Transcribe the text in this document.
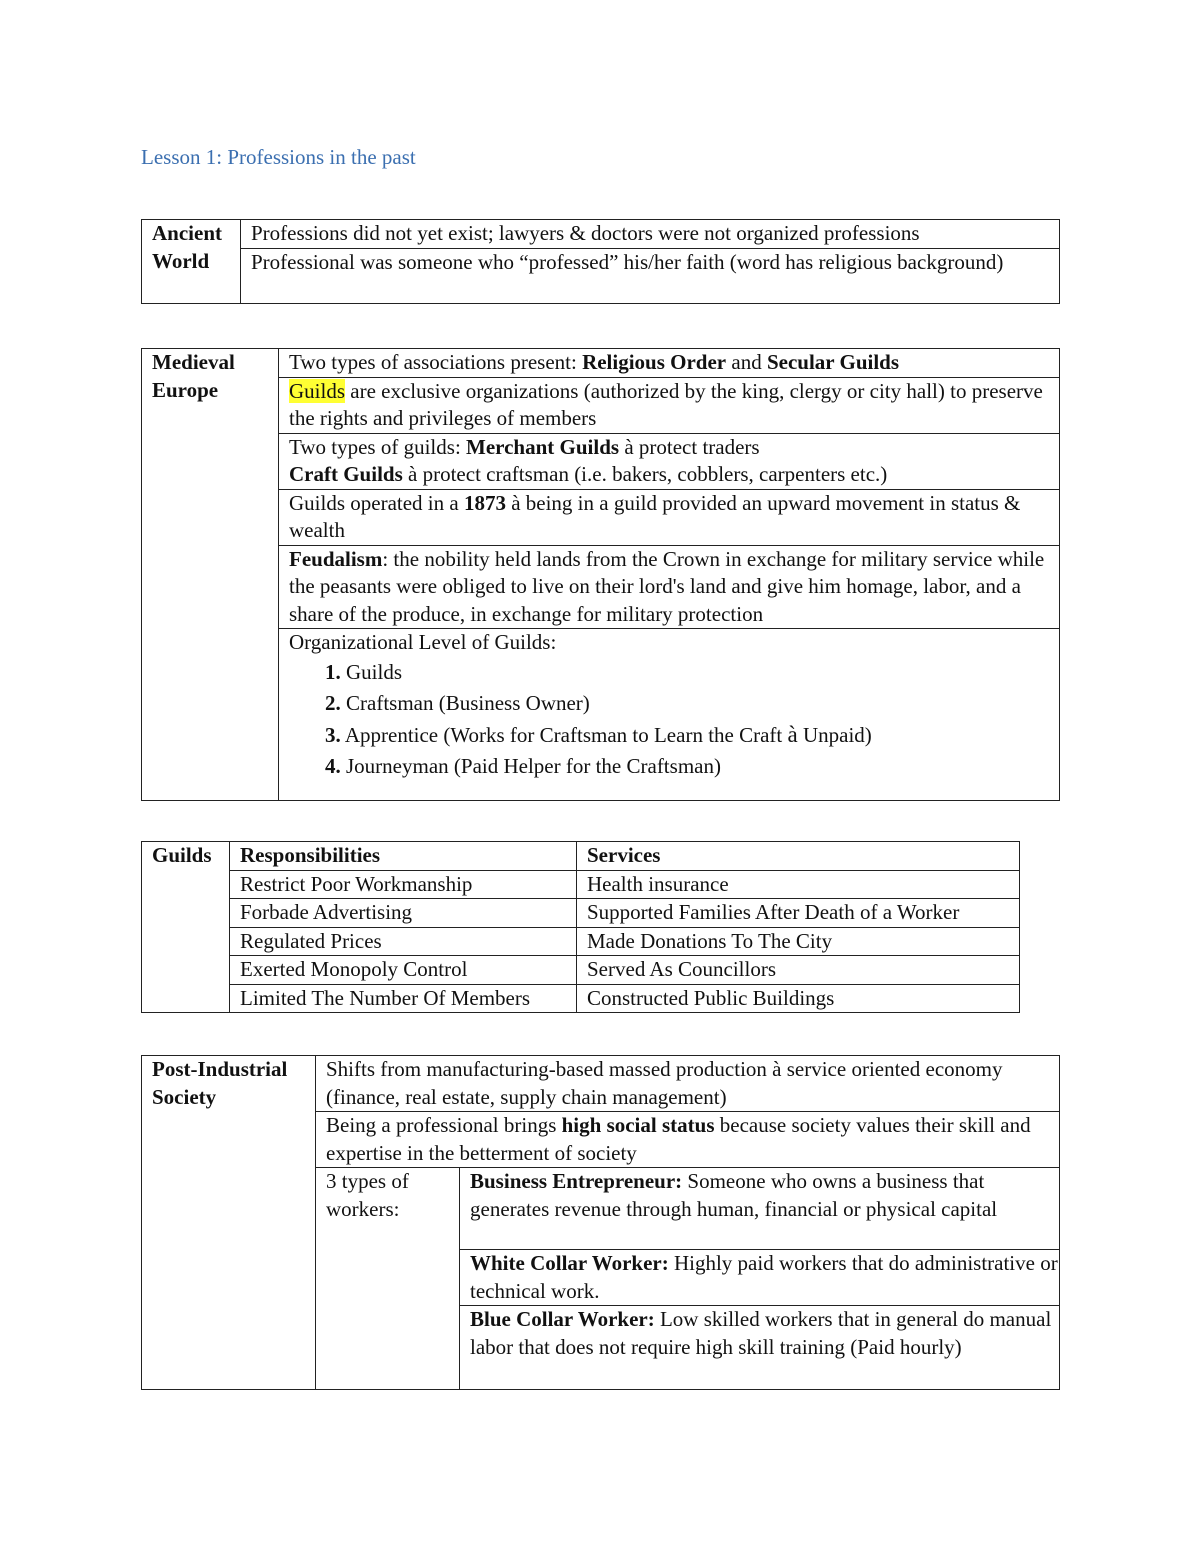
Lesson 1: Professions in the past
Ancient World	Professions did not yet exist; lawyers & doctors were not organized professions
Professional was someone who “professed” his/her faith (word has religious background)
Medieval Europe	Two types of associations present: Religious Order and Secular Guilds
Guilds are exclusive organizations (authorized by the king, clergy or city hall) to preserve the rights and privileges of members
Two types of guilds: Merchant Guilds à protect traders
Craft Guilds à protect craftsman (i.e. bakers, cobblers, carpenters etc.)
Guilds operated in a 1873 à being in a guild provided an upward movement in status & wealth
Feudalism: the nobility held lands from the Crown in exchange for military service while the peasants were obliged to live on their lord's land and give him homage, labor, and a share of the produce, in exchange for military protection

Organizational Level of Guilds:
1. Guilds
2. Craftsman (Business Owner)
3. Apprentice (Works for Craftsman to Learn the Craft à Unpaid)
4. Journeyman (Paid Helper for the Craftsman)
Guilds	Responsibilities	Services
	Restrict Poor Workmanship	Health insurance
	Forbade Advertising	Supported Families After Death of a Worker
	Regulated Prices	Made Donations To The City
	Exerted Monopoly Control	Served As Councillors
	Limited The Number Of Members	Constructed Public Buildings
Post-Industrial Society	Shifts from manufacturing-based massed production à service oriented economy (finance, real estate, supply chain management)	
	Being a professional brings high social status because society values their skill and expertise in the betterment of society	
	3 types of workers:	Business Entrepreneur: Someone who owns a business that generates revenue through human, financial or physical capital
		White Collar Worker: Highly paid workers that do administrative or technical work.
		Blue Collar Worker: Low skilled workers that in general do manual labor that does not require high skill training (Paid hourly)
